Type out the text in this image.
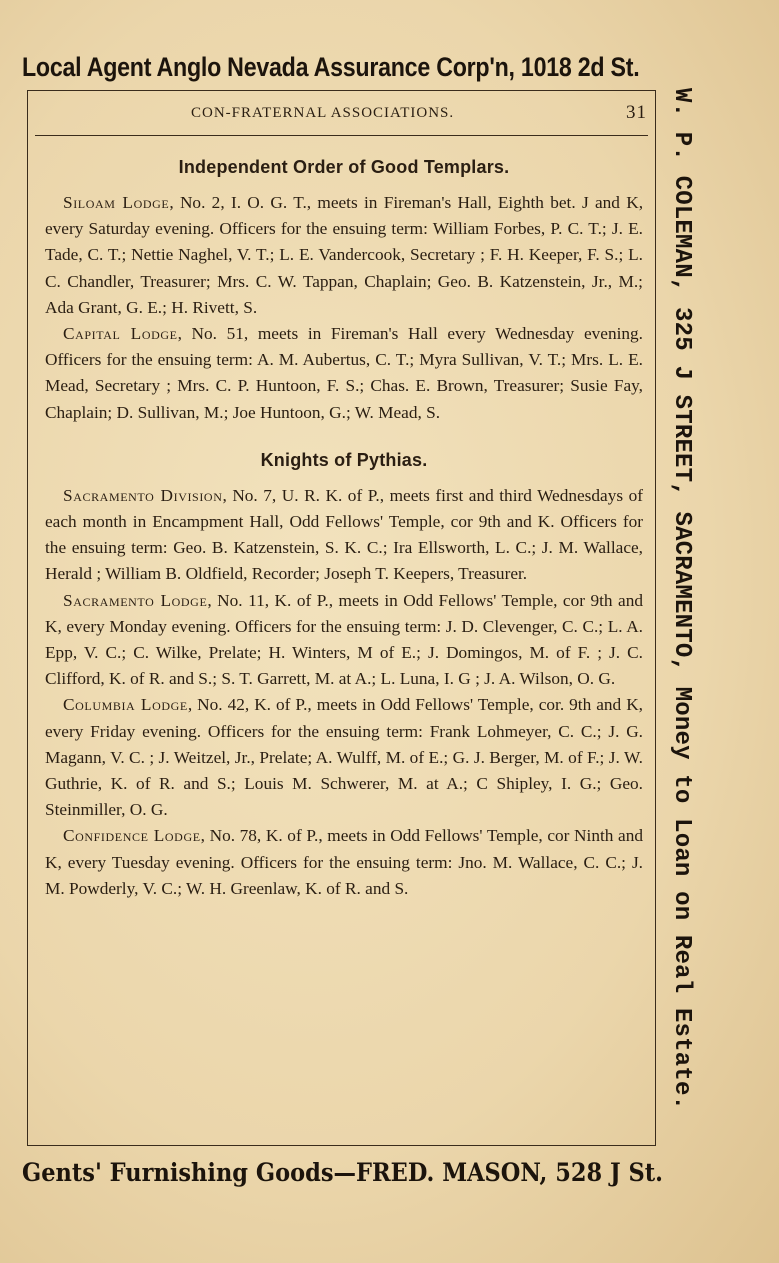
Local Agent Anglo Nevada Assurance Corp'n, 1018 2d St.
W. P. COLEMAN, 325 J STREET, SACRAMENTO, Money to Loan on Real Estate.
CON-FRATERNAL ASSOCIATIONS.	31
Independent Order of Good Templars.

Siloam Lodge, No. 2, I. O. G. T., meets in Fireman's Hall, Eighth bet. J and K, every Saturday evening. Officers for the ensuing term: William Forbes, P. C. T.; J. E. Tade, C. T.; Nettie Naghel, V. T.; L. E. Vandercook, Secretary ; F. H. Keeper, F. S.; L. C. Chandler, Treasurer; Mrs. C. W. Tappan, Chaplain; Geo. B. Katzenstein, Jr., M.; Ada Grant, G. E.; H. Rivett, S.

Capital Lodge, No. 51, meets in Fireman's Hall every Wednesday evening. Officers for the ensuing term: A. M. Aubertus, C. T.; Myra Sullivan, V. T.; Mrs. L. E. Mead, Secretary ; Mrs. C. P. Huntoon, F. S.; Chas. E. Brown, Treasurer; Susie Fay, Chaplain; D. Sullivan, M.; Joe Huntoon, G.; W. Mead, S.

Knights of Pythias.

Sacramento Division, No. 7, U. R. K. of P., meets first and third Wednesdays of each month in Encampment Hall, Odd Fellows' Temple, cor 9th and K. Officers for the ensuing term: Geo. B. Katzenstein, S. K. C.; Ira Ellsworth, L. C.; J. M. Wallace, Herald ; William B. Oldfield, Recorder; Joseph T. Keepers, Treasurer.

Sacramento Lodge, No. 11, K. of P., meets in Odd Fellows' Temple, cor 9th and K, every Monday evening. Officers for the ensuing term: J. D. Clevenger, C. C.; L. A. Epp, V. C.; C. Wilke, Prelate; H. Winters, M of E.; J. Domingos, M. of F. ; J. C. Clifford, K. of R. and S.; S. T. Garrett, M. at A.; L. Luna, I. G ; J. A. Wilson, O. G.

Columbia Lodge, No. 42, K. of P., meets in Odd Fellows' Temple, cor. 9th and K, every Friday evening. Officers for the ensuing term: Frank Lohmeyer, C. C.; J. G. Magann, V. C. ; J. Weitzel, Jr., Prelate; A. Wulff, M. of E.; G. J. Berger, M. of F.; J. W. Guthrie, K. of R. and S.; Louis M. Schwerer, M. at A.; C Shipley, I. G.; Geo. Steinmiller, O. G.

Confidence Lodge, No. 78, K. of P., meets in Odd Fellows' Temple, cor Ninth and K, every Tuesday evening. Officers for the ensuing term: Jno. M. Wallace, C. C.; J. M. Powderly, V. C.; W. H. Greenlaw, K. of R. and S.

Gents' Furnishing Goods—FRED. MASON, 528 J St.
